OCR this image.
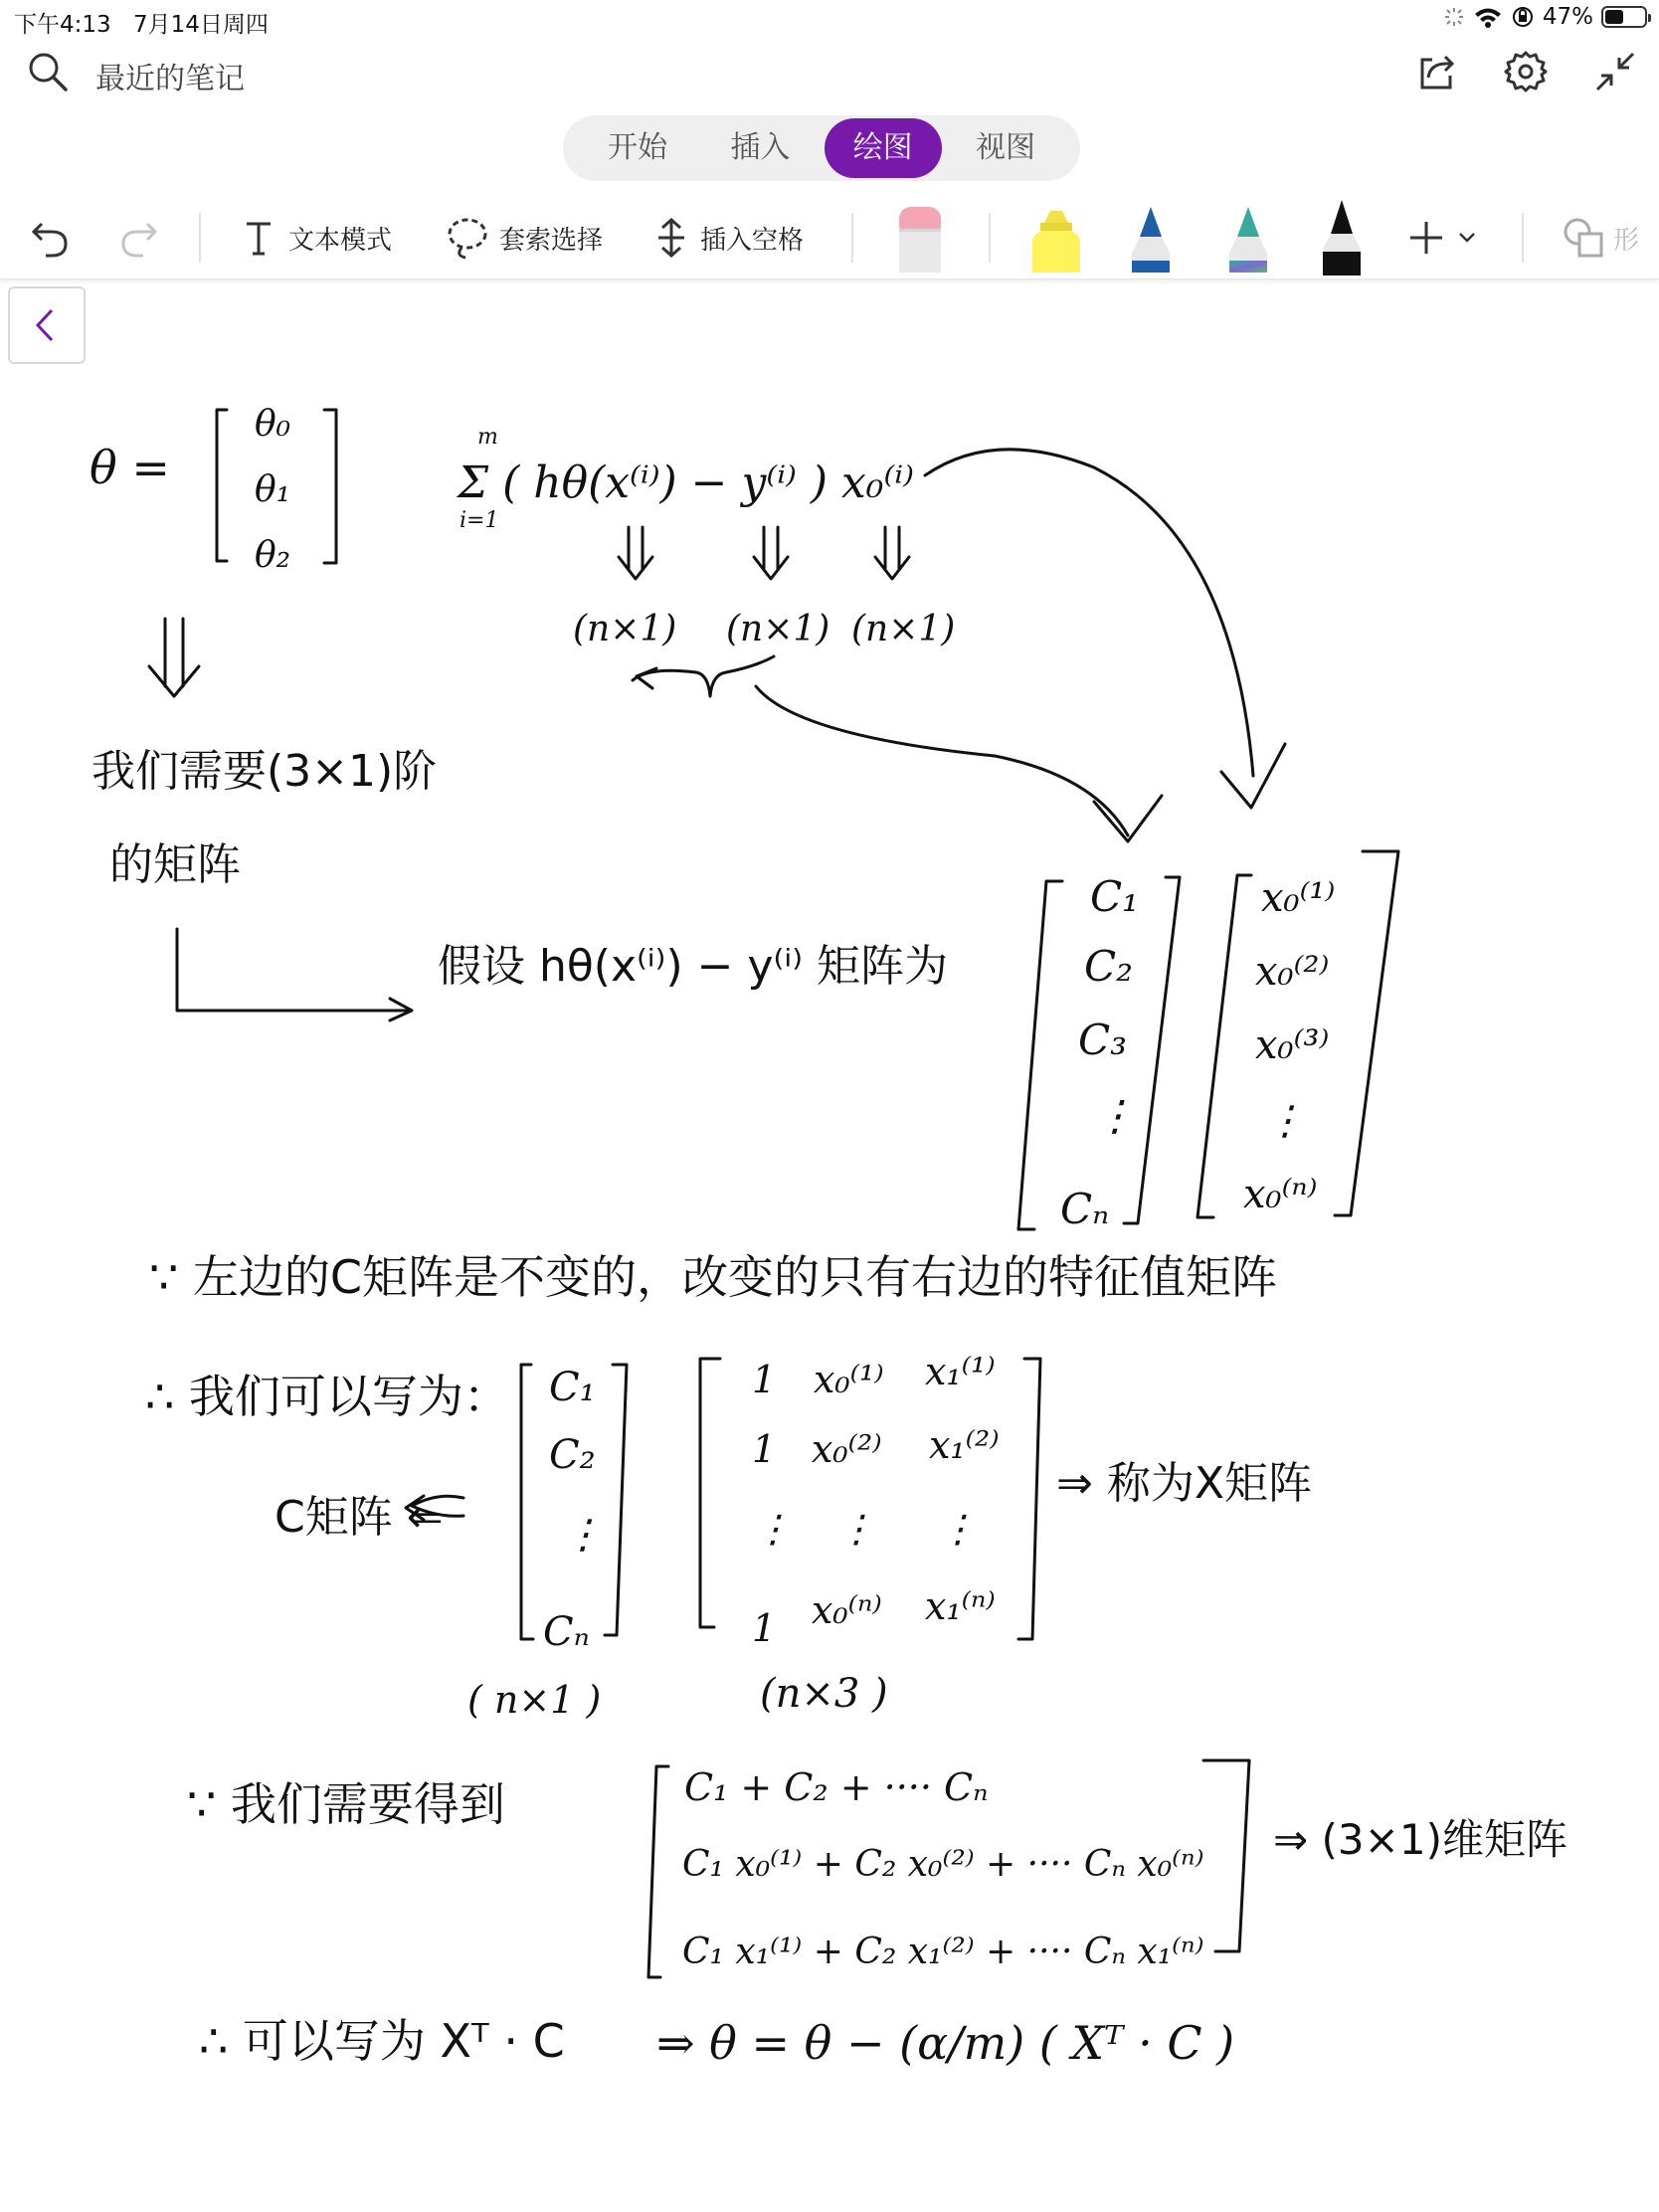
下午4:13 7月14日周四	47%
最近的笔记
开始	插入	绘图	视图
文本模式	套索选择	插入空格	形
θ =
θ₀
θ₁
θ₂
m
i=1
Σ ( hθ(x⁽ⁱ⁾) − y⁽ⁱ⁾ ) x₀⁽ⁱ⁾
(n×1) (n×1) (n×1)
我们需要(3×1)阶
的矩阵
假设 hθ(x⁽ⁱ⁾) − y⁽ⁱ⁾ 矩阵为
C₁
C₂
C₃
⋮
Cₙ
x₀⁽¹⁾
x₀⁽²⁾
x₀⁽³⁾
⋮
x₀⁽ⁿ⁾
∵ 左边的C矩阵是不变的，改变的只有右边的特征值矩阵
∴ 我们可以写为：
C矩阵 ⇐
C₁
C₂
⋮
Cₙ
1 x₀⁽¹⁾ x₁⁽¹⁾
1 x₀⁽²⁾ x₁⁽²⁾
⋮ ⋮ ⋮
1 x₀⁽ⁿ⁾ x₁⁽ⁿ⁾
⇒ 称为X矩阵
( n×1 )	(n×3 )
∵ 我们需要得到	C₁ + C₂ + ···· Cₙ
C₁ x₀⁽¹⁾ + C₂ x₀⁽²⁾ + ···· Cₙ x₀⁽ⁿ⁾
C₁ x₁⁽¹⁾ + C₂ x₁⁽²⁾ + ···· Cₙ x₁⁽ⁿ⁾
⇒ (3×1)维矩阵
∴ 可以写为 Xᵀ · C ⇒ θ = θ − (α/m) ( Xᵀ · C )
